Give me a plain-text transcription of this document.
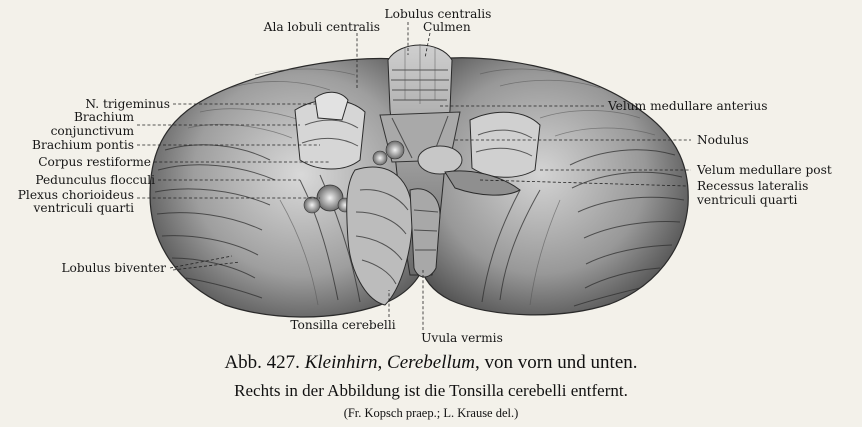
Lobulus centralis
Ala lobuli centralis	Culmen
N. trigeminus
Brachium
conjunctivum
Brachium pontis
Corpus restiforme
Pedunculus flocculi
Plexus chorioideus
ventriculi quarti
Lobulus biventer
Tonsilla cerebelli
Uvula vermis
Velum medullare anterius
Nodulus
Velum medullare post
Recessus lateralis
ventriculi quarti
Abb. 427. Kleinhirn, Cerebellum, von vorn und unten.
Rechts in der Abbildung ist die Tonsilla cerebelli entfernt.
(Fr. Kopsch praep.; L. Krause del.)
